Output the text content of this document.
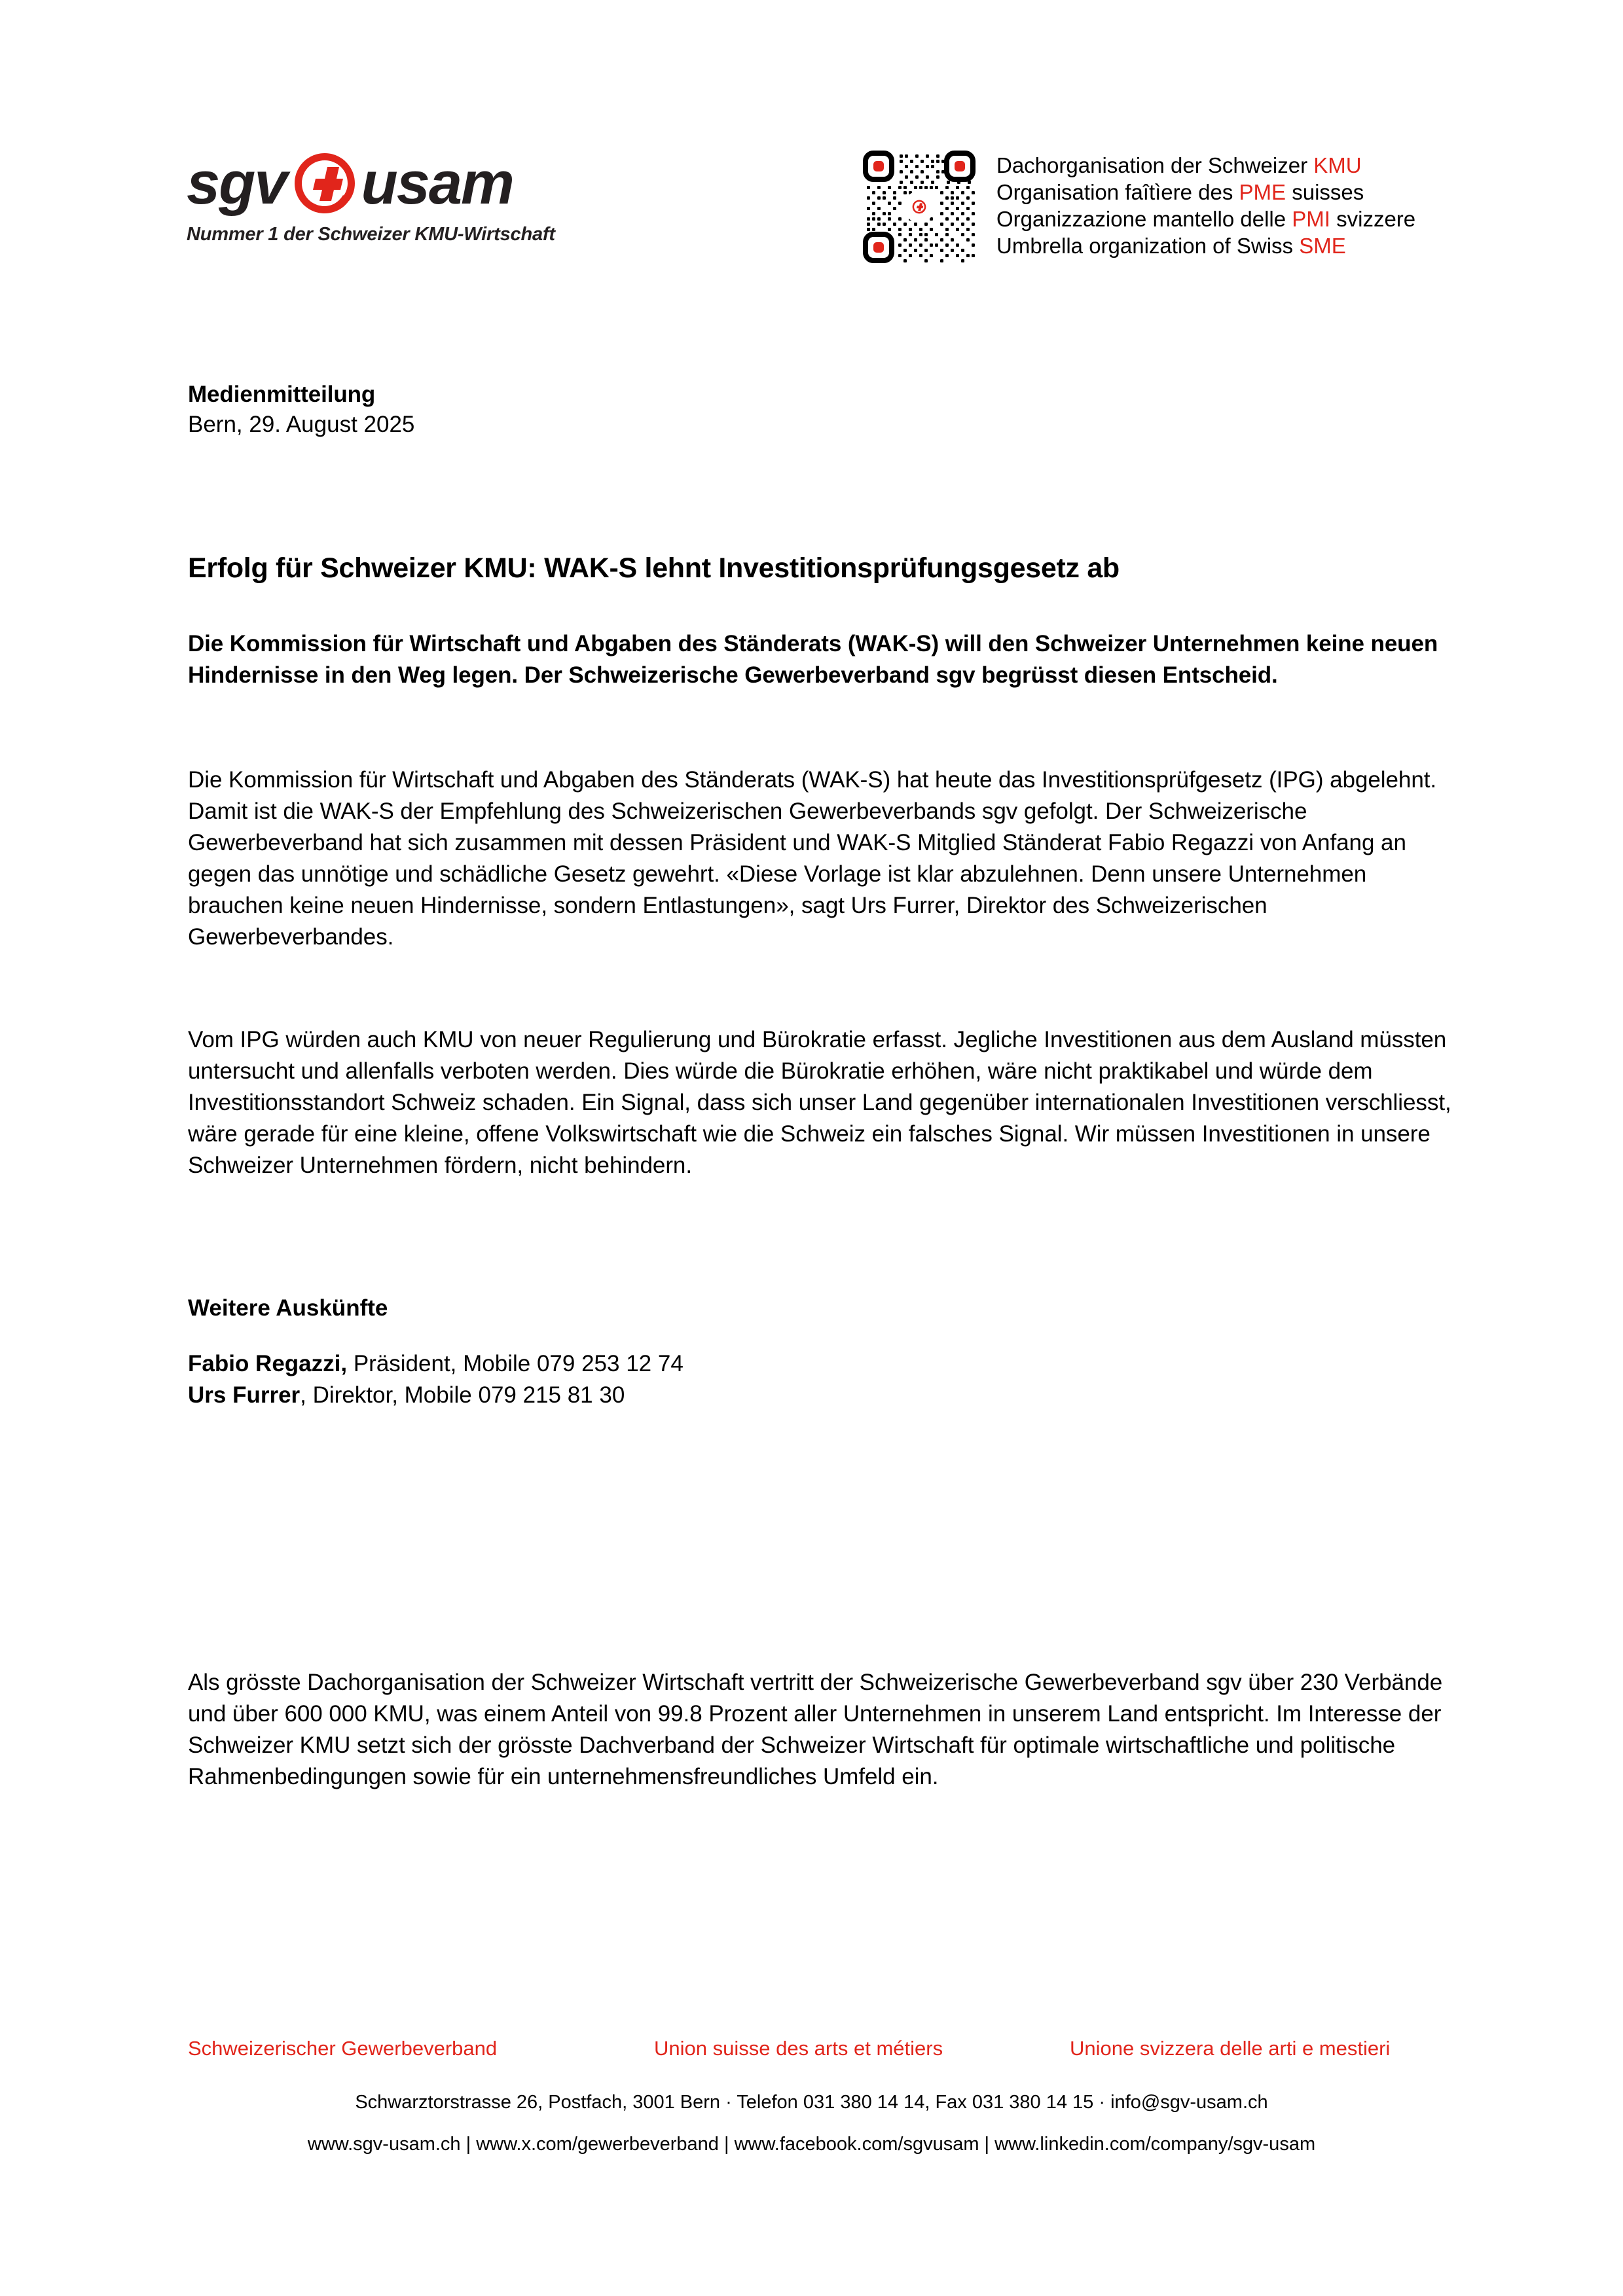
sgv usam
Nummer 1 der Schweizer KMU-Wirtschaft
Dachorganisation der Schweizer KMU
Organisation faîtìere des PME suisses
Organizzazione mantello delle PMI svizzere
Umbrella organization of Swiss SME
Medienmitteilung
Bern, 29. August 2025
Erfolg für Schweizer KMU: WAK-S lehnt Investitionsprüfungsgesetz ab

Die Kommission für Wirtschaft und Abgaben des Ständerats (WAK-S) will den Schweizer Unternehmen keine neuen Hindernisse in den Weg legen. Der Schweizerische Gewerbeverband sgv begrüsst diesen Entscheid.

Die Kommission für Wirtschaft und Abgaben des Ständerats (WAK-S) hat heute das Investitionsprüfgesetz (IPG) abgelehnt. Damit ist die WAK-S der Empfehlung des Schweizerischen Gewerbeverbands sgv gefolgt. Der Schweizerische Gewerbeverband hat sich zusammen mit dessen Präsident und WAK-S Mitglied Ständerat Fabio Regazzi von Anfang an gegen das unnötige und schädliche Gesetz gewehrt. «Diese Vorlage ist klar abzulehnen. Denn unsere Unternehmen brauchen keine neuen Hindernisse, sondern Entlastungen», sagt Urs Furrer, Direktor des Schweizerischen Gewerbeverbandes.

Vom IPG würden auch KMU von neuer Regulierung und Bürokratie erfasst. Jegliche Investitionen aus dem Ausland müssten untersucht und allenfalls verboten werden. Dies würde die Bürokratie erhöhen, wäre nicht praktikabel und würde dem Investitionsstandort Schweiz schaden. Ein Signal, dass sich unser Land gegenüber internationalen Investitionen verschliesst, wäre gerade für eine kleine, offene Volkswirtschaft wie die Schweiz ein falsches Signal. Wir müssen Investitionen in unsere Schweizer Unternehmen fördern, nicht behindern.

Weitere Auskünfte
Fabio Regazzi, Präsident, Mobile 079 253 12 74
Urs Furrer, Direktor, Mobile 079 215 81 30

Als grösste Dachorganisation der Schweizer Wirtschaft vertritt der Schweizerische Gewerbeverband sgv über 230 Verbände und über 600 000 KMU, was einem Anteil von 99.8 Prozent aller Unternehmen in unserem Land entspricht. Im Interesse der Schweizer KMU setzt sich der grösste Dachverband der Schweizer Wirtschaft für optimale wirtschaftliche und politische Rahmenbedingungen sowie für ein unternehmensfreundliches Umfeld ein.

Schweizerischer Gewerbeverband	Union suisse des arts et métiers	Unione svizzera delle arti e mestieri
Schwarztorstrasse 26, Postfach, 3001 Bern · Telefon 031 380 14 14, Fax 031 380 14 15 · info@sgv-usam.ch
www.sgv-usam.ch | www.x.com/gewerbeverband | www.facebook.com/sgvusam | www.linkedin.com/company/sgv-usam
